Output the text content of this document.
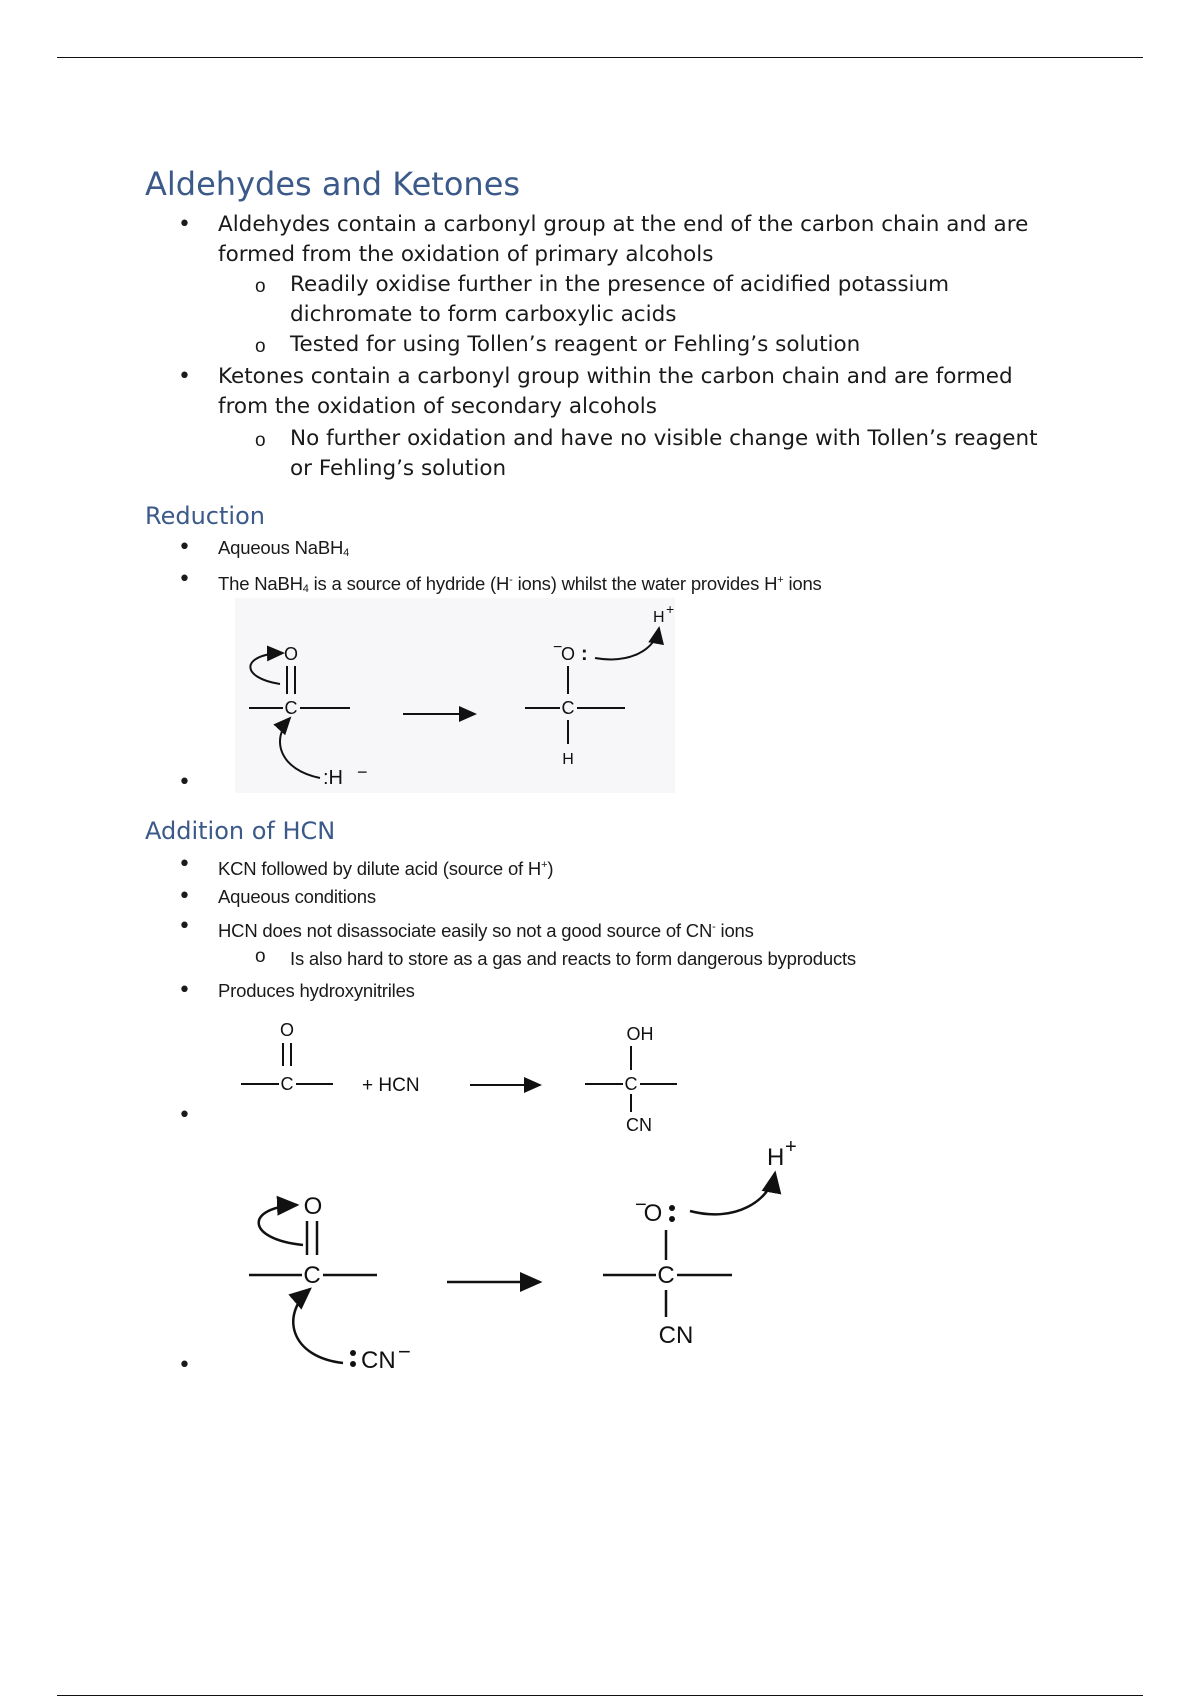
Aldehydes and Ketones
• Aldehydes contain a carbonyl group at the end of the carbon chain and are
formed from the oxidation of primary alcohols
o Readily oxidise further in the presence of acidified potassium
dichromate to form carboxylic acids
o Tested for using Tollen’s reagent or Fehling’s solution
• Ketones contain a carbonyl group within the carbon chain and are formed
from the oxidation of secondary alcohols
o No further oxidation and have no visible change with Tollen’s reagent
or Fehling’s solution
Reduction
• Aqueous NaBH$_4$
• The NaBH$_4$ is a source of hydride (H- ions) whilst the water provides H+ ions
•
O
C
:H −
−
O :
C
H
H +
Addition of HCN
• KCN followed by dilute acid (source of H+)
• Aqueous conditions
• HCN does not disassociate easily so not a good source of CN- ions
o Is also hard to store as a gas and reacts to form dangerous byproducts
• Produces hydroxynitriles
•
O
C	+ HCN
OH
C
CN
•
O
C
CN −
−
O
C
CN
H +
